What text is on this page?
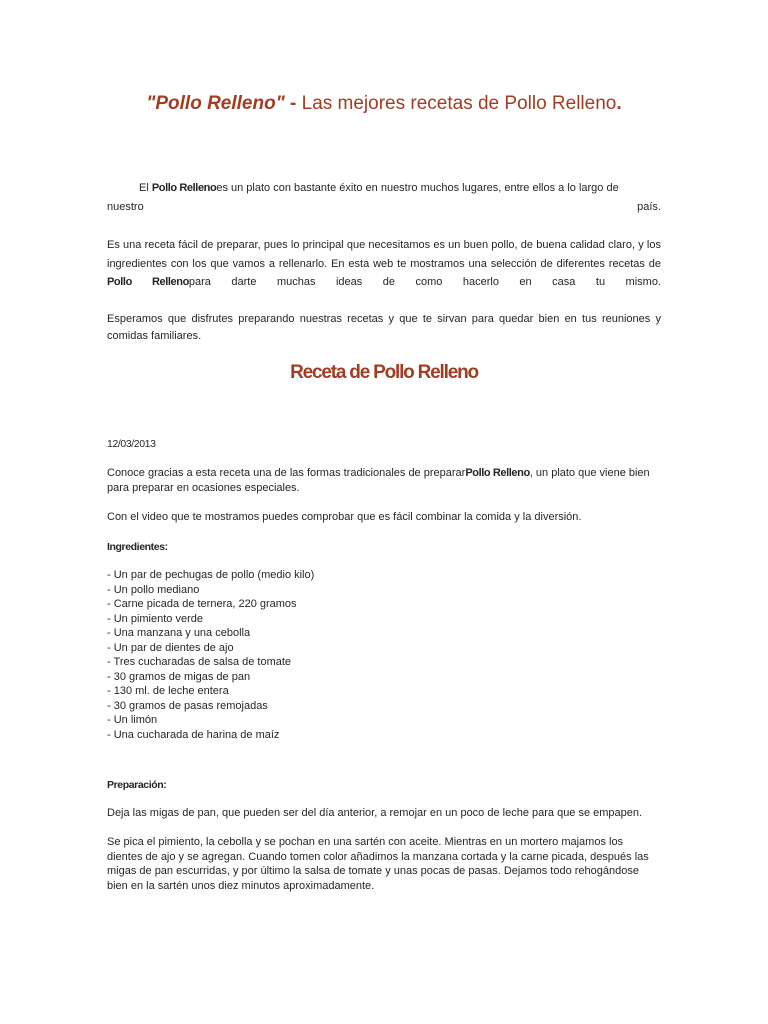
"Pollo Relleno" - Las mejores recetas de Pollo Relleno.
El Pollo Rellenoes un plato con bastante éxito en nuestro muchos lugares, entre ellos a lo largo de
nuestro	país.

Es una receta fácil de preparar, pues lo principal que necesitamos es un buen pollo, de buena calidad claro, y los ingredientes con los que vamos a rellenarlo. En esta web te mostramos una selección de diferentes recetas de Pollo Rellenopara darte muchas ideas de como hacerlo en casa tu mismo.

Esperamos que disfrutes preparando nuestras recetas y que te sirvan para quedar bien en tus reuniones y comidas familiares.

Receta de Pollo Relleno
12/03/2013

Conoce gracias a esta receta una de las formas tradicionales de prepararPollo Relleno, un plato que viene bien para preparar en ocasiones especiales.

Con el video que te mostramos puedes comprobar que es fácil combinar la comida y la diversión.

Ingredientes:
- Un par de pechugas de pollo (medio kilo)
- Un pollo mediano
- Carne picada de ternera, 220 gramos
- Un pimiento verde
- Una manzana y una cebolla
- Un par de dientes de ajo
- Tres cucharadas de salsa de tomate
- 30 gramos de migas de pan
- 130 ml. de leche entera
- 30 gramos de pasas remojadas
- Un limón
- Una cucharada de harina de maíz
Preparación:

Deja las migas de pan, que pueden ser del día anterior, a remojar en un poco de leche para que se empapen.

Se pica el pimiento, la cebolla y se pochan en una sartén con aceite. Mientras en un mortero majamos los dientes de ajo y se agregan. Cuando tomen color añadimos la manzana cortada y la carne picada, después las migas de pan escurridas, y por último la salsa de tomate y unas pocas de pasas. Dejamos todo rehogándose bien en la sartén unos diez minutos aproximadamente.
